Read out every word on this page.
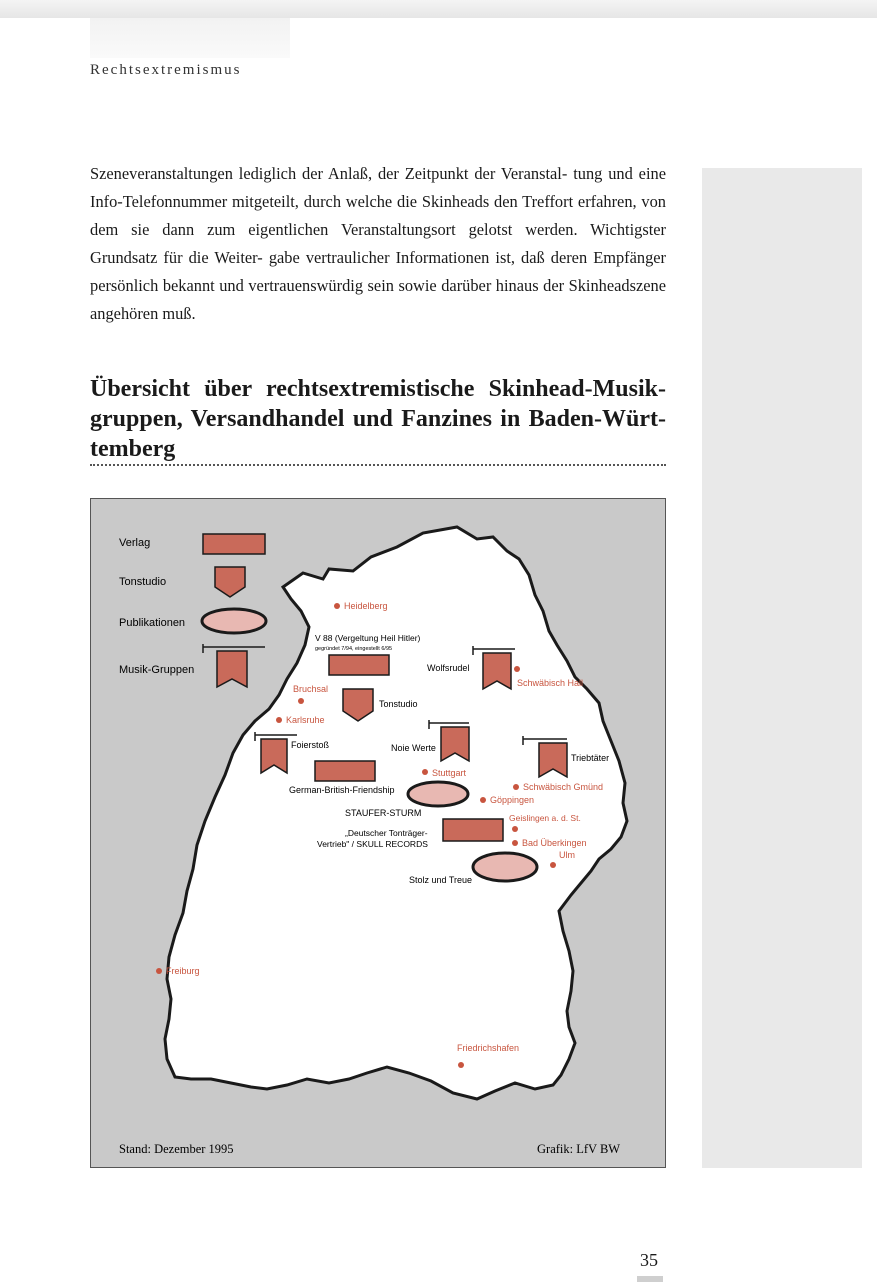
Rechtsextremismus

Szeneveranstaltungen lediglich der Anlaß, der Zeitpunkt der Veranstal- tung und eine Info-Telefonnummer mitgeteilt, durch welche die Skinheads den Treffort erfahren, von dem sie dann zum eigentlichen Veranstaltungsort gelotst werden. Wichtigster Grundsatz für die Weiter- gabe vertraulicher Informationen ist, daß deren Empfänger persönlich bekannt und vertrauenswürdig sein sowie darüber hinaus der Skinheadszene angehören muß.

Übersicht über rechtsextremistische Skinhead-Musik- gruppen, Versandhandel und Fanzines in Baden-Würt- temberg
Verlag
Tonstudio
Publikationen
Musik-Gruppen
Heidelberg
V 88 (Vergeltung Heil Hitler)
gegründet 7/94, eingestellt 6/95
Bruchsal
Tonstudio
Karlsruhe
Wolfsrudel
Schwäbisch Hall
Foierstoß	Noie Werte
Triebtäter
Stuttgart
German-British-Friendship	Schwäbisch Gmünd
Göppingen
STAUFER-STURM	Geislingen a. d. St.
„Deutscher Tonträger-
Vertrieb" / SKULL RECORDS	Bad Überkingen
Ulm
Stolz und Treue
Freiburg
Friedrichshafen
Stand: Dezember 1995	Grafik: LfV BW
35
